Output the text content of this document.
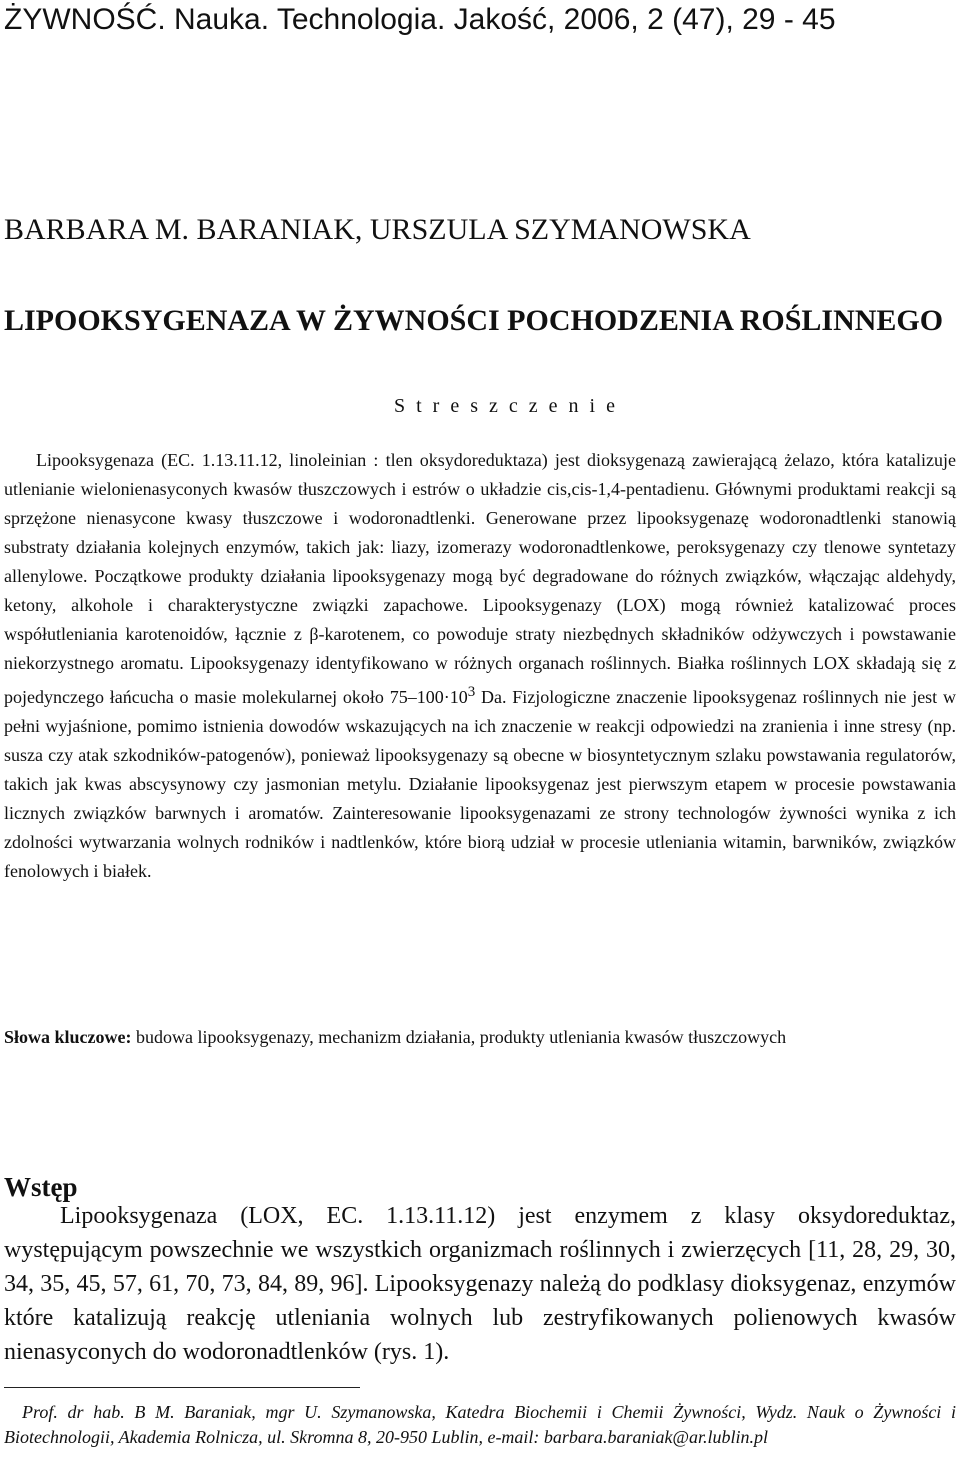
ŻYWNOŚĆ. Nauka. Technologia. Jakość, 2006, 2 (47), 29 - 45
BARBARA M. BARANIAK, URSZULA SZYMANOWSKA
LIPOOKSYGENAZA W ŻYWNOŚCI POCHODZENIA ROŚLINNEGO
S t r e s z c z e n i e

Lipooksygenaza (EC. 1.13.11.12, linoleinian : tlen oksydoreduktaza) jest dioksygenazą zawierającą żelazo, która katalizuje utlenianie wielonienasyconych kwasów tłuszczowych i estrów o układzie cis,cis-1,4-pentadienu. Głównymi produktami reakcji są sprzężone nienasycone kwasy tłuszczowe i wodoronadtlenki. Generowane przez lipooksygenazę wodoronadtlenki stanowią substraty działania kolejnych enzymów, takich jak: liazy, izomerazy wodoronadtlenkowe, peroksygenazy czy tlenowe syntetazy allenylowe. Początkowe produkty działania lipooksygenazy mogą być degradowane do różnych związków, włączając aldehydy, ketony, alkohole i charakterystyczne związki zapachowe. Lipooksygenazy (LOX) mogą również katalizować proces współutleniania karotenoidów, łącznie z β-karotenem, co powoduje straty niezbędnych składników odżywczych i powstawanie niekorzystnego aromatu. Lipooksygenazy identyfikowano w różnych organach roślinnych. Białka roślinnych LOX składają się z pojedynczego łańcucha o masie molekularnej około $75-100\cdot 10^3$ Da. Fizjologiczne znaczenie lipooksygenaz roślinnych nie jest w pełni wyjaśnione, pomimo istnienia dowodów wskazujących na ich znaczenie w reakcji odpowiedzi na zranienia i inne stresy (np. susza czy atak szkodników-patogenów), ponieważ lipooksygenazy są obecne w biosyntetycznym szlaku powstawania regulatorów, takich jak kwas abscysynowy czy jasmonian metylu. Działanie lipooksygenaz jest pierwszym etapem w procesie powstawania licznych związków barwnych i aromatów. Zainteresowanie lipooksygenazami ze strony technologów żywności wynika z ich zdolności wytwarzania wolnych rodników i nadtlenków, które biorą udział w procesie utleniania witamin, barwników, związków fenolowych i białek.

Słowa kluczowe: budowa lipooksygenazy, mechanizm działania, produkty utleniania kwasów tłuszczowych

Wstęp

Lipooksygenaza (LOX, EC. 1.13.11.12) jest enzymem z klasy oksydoreduktaz, występującym powszechnie we wszystkich organizmach roślinnych i zwierzęcych [11, 28, 29, 30, 34, 35, 45, 57, 61, 70, 73, 84, 89, 96]. Lipooksygenazy należą do podklasy dioksygenaz, enzymów które katalizują reakcję utleniania wolnych lub zestryfikowanych polienowych kwasów nienasyconych do wodoronadtlenków (rys. 1).

Prof. dr hab. B M. Baraniak, mgr U. Szymanowska, Katedra Biochemii i Chemii Żywności, Wydz. Nauk o Żywności i Biotechnologii, Akademia Rolnicza, ul. Skromna 8, 20-950 Lublin, e-mail: barbara.baraniak@ar.lublin.pl
